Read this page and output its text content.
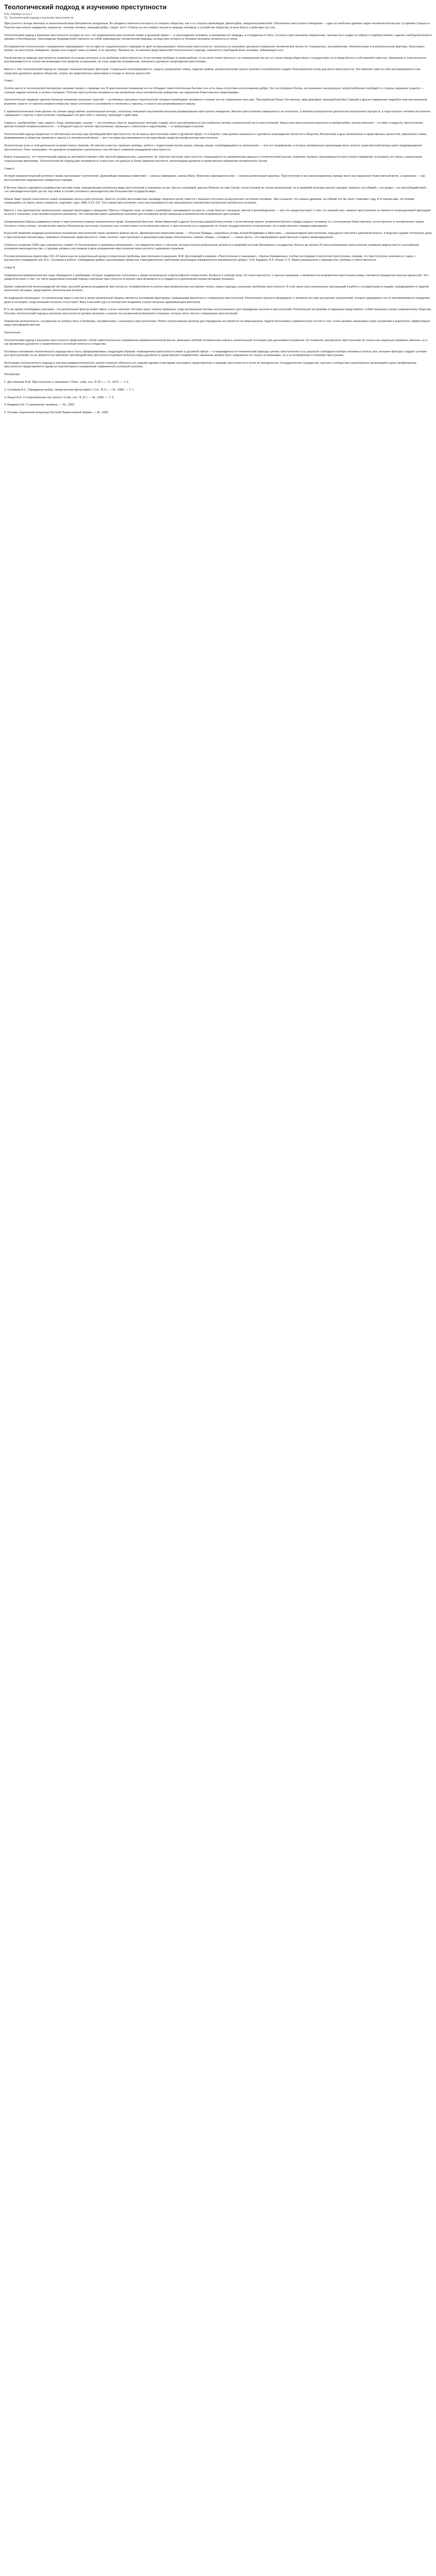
Теологический подход к изучению преступности
И.В. Гойхман (к.ю.н.)
23. Теологический подход к изучению преступности

Преступность всегда являлась в значительной мере феноменом загадочным. Во предмету извечного интереса со стороны общества, как и со стороны правоведов, философов, священнослужителей. Объяснение преступного поведения — одна из наиболее древних задач человеческой мысли. Со времён Сократа и Платона мыслители задавались вопросом: «почему человек, знающий добро, творит зло?» Ответы на этот вопрос искали в природе человека, в устройстве общества, в воле Бога и в действии сил зла.

Теологический подход к изучению преступности исходит из того, что первопричина преступления лежит в духовной сфере — в грехопадении человека, в искажении его природы, в отчуждении от Бога. Согласно христианскому вероучению, человек был создан по образу и подобию Божию, наделён свободной волей и призван к богообщению. Грехопадение прародителей повлекло за собой повреждение человеческой природы, вследствие которого в человеке возникла склонность ко греху.

Исследователи теологического направления подчёркивают, что ни один из «рациональных» подходов не даёт исчерпывающего объяснения преступности, поскольку не учитывает духовного измерения человеческой личности. Социальные, экономические, биологические и психологические факторы, безусловно, влияют на преступное поведение, однако они создают лишь условия, а не причины. Причина же, по мнению представителей теологического подхода, коренится в свободной воле человека, избирающего зло.

Такой взгляд на природу преступности позволяет по-новому взглянуть и на проблему ответственности. Если человек свободен в своём выборе, то он несёт ответственность за совершённое им зло не только перед обществом и государством, но и перед Богом и собственной совестью. Наказание в этом контексте рассматривается не только как возмездие или средство устрашения, но и как средство исправления, покаяния и духовного возрождения преступника.

Вместе с тем теологический подход не отрицает значения внешних факторов. Социальная несправедливость, нищета, разрушение семьи, падение нравов, распространение культа насилия и потребления создают благоприятную почву для роста преступности. Эти явления сами по себе рассматриваются как следствие духовного кризиса общества, утраты им нравственных ориентиров и отхода от вечных ценностей.

Глава I

Особое место в теологической литературе занимает вопрос о природе зла. В христианском понимании зло не обладает самостоятельным бытием, оно есть лишь отсутствие или искажение добра. Зло не сотворено Богом, оно возникает как результат злоупотребления свободой со стороны разумных существ — сначала падших ангелов, а затем и человека. Поэтому преступление понимается как проявление зла в человеческом поведении, как нарушение божественного миропорядка.

Святоотеческая традиция уделяла большое внимание изучению страстей — устойчивых греховных наклонностей, которые порабощают человека и толкают его на совершение злых дел. Преподобный Иоанн Лествичник, авва Дорофей, преподобный Нил Сорский и другие подвижники подробно описали механизм развития страсти: от прилога (первого помысла) через сочетание и сосложение к пленению и, наконец, к страсти как укоренившемуся навыку.

С криминологической точки зрения это учение представляет значительный интерес, поскольку описывает внутренний механизм формирования преступного поведения. Многие преступления совершаются не спонтанно, а являются результатом длительного внутреннего процесса, в ходе которого человек постепенно «привыкает» к мысли о преступлении, оправдывает его для себя и, наконец, переходит к действию.

Гордость, сребролюбие, гнев, зависть, блуд, чревоугодие, уныние — эти основные страсти, выделенные святыми отцами, могут рассматриваться как глубинные мотивы значительной части преступлений. Корыстные преступления коренятся в сребролюбии, насильственные — в гневе и гордости, преступления против половой неприкосновенности — в блудной страсти, многие преступления, связанные с алкоголем и наркотиками, — в чревоугодии и унынии.

Теологический подход предлагает и собственную систему мер противодействия преступности. Если корень преступления лежит в духовной сфере, то и борьба с ним должна начинаться с духовного возрождения личности и общества. Воспитание в духе религиозных и нравственных ценностей, укрепление семьи, формирование в обществе уважения к закону и к человеческой жизни — все эти меры рассматриваются как важнейшие средства профилактики преступности.

Значительную роль в этой деятельности может играть Церковь. Её миссия в местах лишения свободы, работа с подростками группы риска, помощь лицам, освободившимся из заключения, — всё это направления, в которых религиозные организации могут внести существенный вклад в дело предупреждения преступности. Опыт показывает, что духовное окормление заключённых способствует снижению рецидивной преступности.

Важно подчеркнуть, что теологический подход не противопоставляет себя научной криминологии, а дополняет её. Научное изучение преступности, опирающееся на эмпирические данные и статистический анализ, позволяет выявить закономерности преступного поведения, установить его связь с различными социальными явлениями. Теологический же подход даёт возможность осмыслить эти данные в более широком контексте, включающем духовное и нравственное измерения человеческого бытия.

Глава II

История взаимоотношений религии и права насчитывает тысячелетия. Древнейшие правовые памятники — законы Хаммурапи, законы Ману, Моисеево законодательство — носили религиозный характер. Преступление в них рассматривалось прежде всего как нарушение божественной воли, а наказание — как восстановление нарушенного священного порядка.

В Ветхом Завете содержится развёрнутая система норм, определяющих различные виды преступлений и наказания за них. Десять заповедей, данных Моисею на горе Синай, стали основой не только религиозной, но и правовой культуры многих народов. Запреты «не убивай», «не кради», «не прелюбодействуй», «не лжесвидетельствуй» до сих пор лежат в основе уголовного законодательства большинства государств мира.

Новый Завет принёс качественно новое понимание греха и преступления. Христос углубил ветхозаветные заповеди, перенеся центр тяжести с внешнего поступка на внутреннее состояние человека: «Вы слышали, что сказано древним: не убивай; кто же убьёт, подлежит суду. А Я говорю вам, что всякий, гневающийся на брата своего напрасно, подлежит суду» (Мф. 5:21–22). Тем самым преступление стало рассматриваться как закономерное проявление внутренней греховности человека.

Вместе с тем христианство провозгласило принцип милосердия и прощения. Притча о блудном сыне, история о разбойнике, покаявшемся на кресте, слова Христа о женщине, взятой в прелюбодеянии, — всё это свидетельствует о том, что никакой грех, никакое преступление не являются непреодолимой преградой на пути к спасению, если человек искренне раскаялся. Это положение имеет важнейшее значение для понимания целей наказания и возможностей исправления преступника.

Средневековая Европа развивала учение о преступлении в рамках канонического права. Блаженный Августин, Фома Аквинский и другие богословы разработали учение о естественном законе, вложенном Богом в сердце каждого человека, и о соотношении божественного, естественного и человеческого права. Согласно этому учению, человеческие законы обязательны постольку, поскольку они соответствуют естественному закону, а преступление есть нарушение не только государственного установления, но и нравственного порядка мироздания.

В русской правовой традиции религиозное понимание преступления также занимало важное место. Древнерусские памятники права — «Русская Правда», церковные уставы князей Владимира и Ярослава — разграничивали преступления, подсудные светской и церковной власти. К ведению Церкви относились дела о преступлениях против веры, семейных отношений, нравственности. Само понятие «преступление» в древнерусском праве обозначалось словом «обида», а позднее — «лихое дело», что подчёркивало нравственную сторону правонарушения.

Соборное уложение 1649 года открывалось главой «О богохульниках и церковных мятежниках», что свидетельствует о той роли, которую играли религиозные ценности в правовой системе Московского государства. Вплоть до начала XX века религиозные преступления занимали видное место в российском уголовном законодательстве, а Церковь активно участвовала в деле исправления преступников через институт церковного покаяния.

Русские религиозные философы XIX–XX веков внесли значительный вклад в осмысление проблемы преступления и наказания. Ф.М. Достоевский в романах «Преступление и наказание», «Братья Карамазовы» глубоко исследовал психологию преступника, показав, что преступление начинается с идеи, с внутреннего оправдания зла. В.С. Соловьёв в работе «Оправдание добра» рассматривал право как «принудительное требование реализации определённого минимального добра». Н.А. Бердяев, И.А. Ильин, С.Л. Франк размышляли о природе зла, свободе и ответственности.

Глава III

Современная криминология всё чаще обращается к проблемам, которые традиционно относились к сфере религиозного и философского осмысления. Вопросы о свободе воли, об ответственности, о смысле наказания, о возможности исправления преступника вновь становятся предметом научных дискуссий. Это свидетельствует о том, что чисто рационалистический подход к изучению преступности исчерпал свои возможности и нуждается в дополнении иными методами познания.

Кризис современной пенитенциарной системы, высокий уровень рецидивной преступности, неэффективность многих мер профилактики заставляют искать новые подходы к решению проблемы преступности. В этой связи опыт религиозных организаций в работе с осуждёнными и лицами, находящимися в трудной жизненной ситуации, представляет значительный интерес.

Исследования показывают, что религиозная вера и участие в жизни религиозной общины являются значимыми факторами, снижающими вероятность совершения преступлений. Религиозные ценности формируют у человека систему внутренних ограничений, которые удерживают его от противоправного поведения даже в ситуациях, когда внешний контроль отсутствует. Вера в высший суд и в посмертное воздаяние служит мощным сдерживающим фактором.

В то же время необходимо учитывать, что религиозный фактор может иметь и иное значение. История знает немало примеров, когда религиозные мотивы использовались для оправдания насилия и преступлений. Религиозный экстремизм и терроризм представляют собой серьёзную угрозу современному обществу. Поэтому теологический подход к изучению преступности должен включать и анализ тех искажений религиозного сознания, которые могут вести к совершению преступлений.

Подлинная религиозность, основанная на любви к Богу и ближнему, несовместима с насилием и преступлением. Любое использование религии для оправдания зла является её извращением. Задача богословия и криминологии состоит в том, чтобы выявить механизмы таких искажений и выработать эффективные меры противодействия им.

Заключение

Теологический подход к изучению преступности представляет собой самостоятельное направление криминологической мысли, имеющее глубокие исторические корни и значительный потенциал для дальнейшего развития. Он позволяет рассмотреть преступление не только как социально-правовое явление, но и как проявление духовного и нравственного состояния личности и общества.

Основные положения теологического подхода могут быть сформулированы следующим образом: первопричина преступности лежит в духовной сфере — в повреждённости человеческой природы грехом; преступление есть результат свободного выбора человека в пользу зла; внешние факторы создают условия для преступлений, но не являются их причиной; противодействие преступности должно включать меры духовного и нравственного воздействия; наказание должно быть направлено не только на возмездие, но и на исправление и покаяние преступника.

Интеграция теологического подхода в систему криминологического знания позволит обогатить его новыми идеями и методами, расширить представления о природе преступности и путях её преодоления. Сотрудничество государства, научного сообщества и религиозных организаций в деле профилактики преступности представляется одним из перспективных направлений современной уголовной политики.

Литература

1. Достоевский Ф.М. Преступление и наказание // Полн. собр. соч.: В 30 т. — Л., 1973. — Т. 6.

2. Соловьёв В.С. Оправдание добра. Нравственная философия // Соч.: В 2 т. — М., 1988. — Т. 1.

3. Ильин И.А. О сопротивлении злу силою // Собр. соч.: В 10 т. — М., 1995. — Т. 5.

4. Бердяев Н.А. О назначении человека. — М., 1993.

5. Основы социальной концепции Русской Православной Церкви. — М., 2000.
